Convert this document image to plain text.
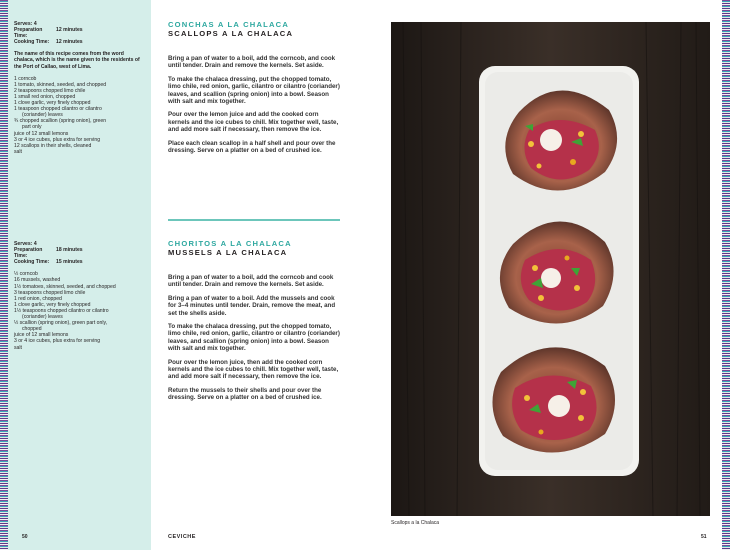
Serves: 4
Preparation Time:
12 minutes
Cooking Time:	12 minutes
The name of this recipe comes from the word chalaca, which is the name given to the residents of the Port of Callao, west of Lima.
1 corncob
1 tomato, skinned, seeded, and chopped
2 teaspoons chopped limo chile
1 small red onion, chopped
1 clove garlic, very finely chopped
1 teaspoon chopped cilantro or cilantro
(coriander) leaves
¾ chopped scallion (spring onion), green
part only
juice of 12 small lemons
3 or 4 ice cubes, plus extra for serving
12 scallops in their shells, cleaned
salt
Serves: 4
Preparation Time:
18 minutes
Cooking Time:	15 minutes
½ corncob
16 mussels, washed
1½ tomatoes, skinned, seeded, and chopped
3 teaspoons chopped limo chile
1 red onion, chopped
1 clove garlic, very finely chopped
1½ teaspoons chopped cilantro or cilantro
(coriander) leaves
½ scallion (spring onion), green part only,
chopped
juice of 12 small lemons
3 or 4 ice cubes, plus extra for serving
salt
50
CONCHAS A LA CHALACA
SCALLOPS A LA CHALACA

Bring a pan of water to a boil, add the corncob, and cook until tender. Drain and remove the kernels. Set aside.

To make the chalaca dressing, put the chopped tomato, limo chile, red onion, garlic, cilantro or cilantro (coriander) leaves, and scallion (spring onion) into a bowl. Season with salt and mix together.

Pour over the lemon juice and add the cooked corn kernels and the ice cubes to chill. Mix together well, taste, and add more salt if necessary, then remove the ice.

Place each clean scallop in a half shell and pour over the dressing. Serve on a platter on a bed of crushed ice.

CHORITOS A LA CHALACA
MUSSELS A LA CHALACA

Bring a pan of water to a boil, add the corncob and cook until tender. Drain and remove the kernels. Set aside.

Bring a pan of water to a boil. Add the mussels and cook for 3–4 minutes until tender. Drain, remove the meat, and set the shells aside.

To make the chalaca dressing, put the chopped tomato, limo chile, red onion, garlic, cilantro or cilantro (coriander) leaves, and scallion (spring onion) into a bowl. Season with salt and mix together.

Pour over the lemon juice, then add the cooked corn kernels and the ice cubes to chill. Mix together well, taste, and add more salt if necessary, then remove the ice.

Return the mussels to their shells and pour over the dressing. Serve on a platter on a bed of crushed ice.

CEVICHE
Scallops a la Chalaca
51
